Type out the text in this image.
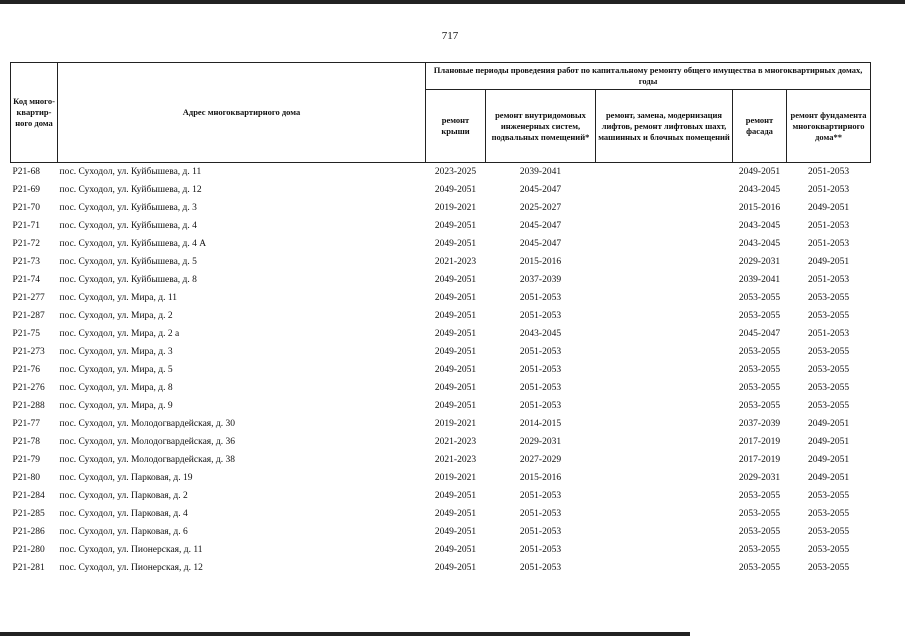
717
Код много-квартир-ного дома	Адрес многоквартирного дома	Плановые периоды проведения работ по капитальному ремонту общего имущества в многоквартирных домах, годы				
		ремонт крыши	ремонт внутридомовых инженерных систем, подвальных помещений*	ремонт, замена, модернизация лифтов, ремонт лифтовых шахт, машинных и блочных помещений	ремонт фасада	ремонт фундамента многоквартирного дома**
Р21-68	пос. Суходол, ул. Куйбышева, д. 11	2023-2025	2039-2041		2049-2051	2051-2053
Р21-69	пос. Суходол, ул. Куйбышева, д. 12	2049-2051	2045-2047		2043-2045	2051-2053
Р21-70	пос. Суходол, ул. Куйбышева, д. 3	2019-2021	2025-2027		2015-2016	2049-2051
Р21-71	пос. Суходол, ул. Куйбышева, д. 4	2049-2051	2045-2047		2043-2045	2051-2053
Р21-72	пос. Суходол, ул. Куйбышева, д. 4 А	2049-2051	2045-2047		2043-2045	2051-2053
Р21-73	пос. Суходол, ул. Куйбышева, д. 5	2021-2023	2015-2016		2029-2031	2049-2051
Р21-74	пос. Суходол, ул. Куйбышева, д. 8	2049-2051	2037-2039		2039-2041	2051-2053
Р21-277	пос. Суходол, ул. Мира, д. 11	2049-2051	2051-2053		2053-2055	2053-2055
Р21-287	пос. Суходол, ул. Мира, д. 2	2049-2051	2051-2053		2053-2055	2053-2055
Р21-75	пос. Суходол, ул. Мира, д. 2 а	2049-2051	2043-2045		2045-2047	2051-2053
Р21-273	пос. Суходол, ул. Мира, д. 3	2049-2051	2051-2053		2053-2055	2053-2055
Р21-76	пос. Суходол, ул. Мира, д. 5	2049-2051	2051-2053		2053-2055	2053-2055
Р21-276	пос. Суходол, ул. Мира, д. 8	2049-2051	2051-2053		2053-2055	2053-2055
Р21-288	пос. Суходол, ул. Мира, д. 9	2049-2051	2051-2053		2053-2055	2053-2055
Р21-77	пос. Суходол, ул. Молодогвардейская, д. 30	2019-2021	2014-2015		2037-2039	2049-2051
Р21-78	пос. Суходол, ул. Молодогвардейская, д. 36	2021-2023	2029-2031		2017-2019	2049-2051
Р21-79	пос. Суходол, ул. Молодогвардейская, д. 38	2021-2023	2027-2029		2017-2019	2049-2051
Р21-80	пос. Суходол, ул. Парковая, д. 19	2019-2021	2015-2016		2029-2031	2049-2051
Р21-284	пос. Суходол, ул. Парковая, д. 2	2049-2051	2051-2053		2053-2055	2053-2055
Р21-285	пос. Суходол, ул. Парковая, д. 4	2049-2051	2051-2053		2053-2055	2053-2055
Р21-286	пос. Суходол, ул. Парковая, д. 6	2049-2051	2051-2053		2053-2055	2053-2055
Р21-280	пос. Суходол, ул. Пионерская, д. 11	2049-2051	2051-2053		2053-2055	2053-2055
Р21-281	пос. Суходол, ул. Пионерская, д. 12	2049-2051	2051-2053		2053-2055	2053-2055
